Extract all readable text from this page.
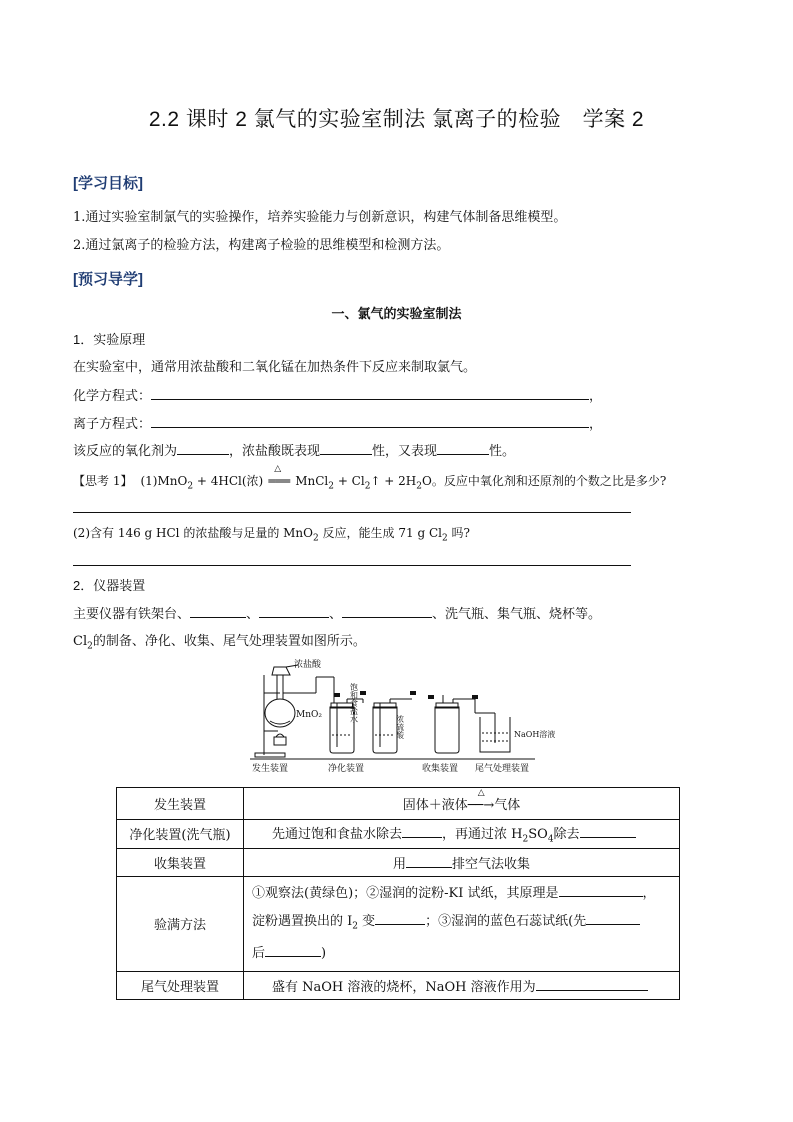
2.2 课时 2 氯气的实验室制法 氯离子的检验　学案 2
[学习目标]
1.通过实验室制氯气的实验操作，培养实验能力与创新意识，构建气体制备思维模型。
2.通过氯离子的检验方法，构建离子检验的思维模型和检测方法。
[预习导学]
一、氯气的实验室制法
1．实验原理
在实验室中，通常用浓盐酸和二氧化锰在加热条件下反应来制取氯气。
化学方程式：	，
离子方程式：	，
该反应的氧化剂为	，浓盐酸既表现	性，又表现	性。
【思考 1】 (1)MnO$_2$ + 4HCl(浓)
△
═══ MnCl$_2$ + $Cl_2↑ + 2H_2O$。反应中氧化剂和还原剂的个数之比是多少?
(2)含有 146 g HCl 的浓盐酸与足量的 MnO$_2$ 反应，能生成 71 g $Cl_2$ 吗?
2．仪器装置
主要仪器有铁架台、	、	、	、洗气瓶、集气瓶、烧杯等。
$Cl_2$的制备、净化、收集、尾气处理装置如图所示。
浓盐酸
MnO₂	饱和食盐水
浓硫酸	NaOH溶液
发生装置	净化装置	收集装置 尾气处理装置
发生装置	固体＋液体
△
──→气体
净化装置(洗气瓶)	先通过饱和食盐水除去 ，再通过浓 $H_2SO_4$除去
收集装置	用 排空气法收集
验满方法	①观察法(黄绿色)；②湿润的淀粉-KI 试纸，其原理是 ，
淀粉遇置换出的 $I_2$ 变 ；③湿润的蓝色石蕊试纸(先
后 )
尾气处理装置	盛有 NaOH 溶液的烧杯，NaOH 溶液作用为
